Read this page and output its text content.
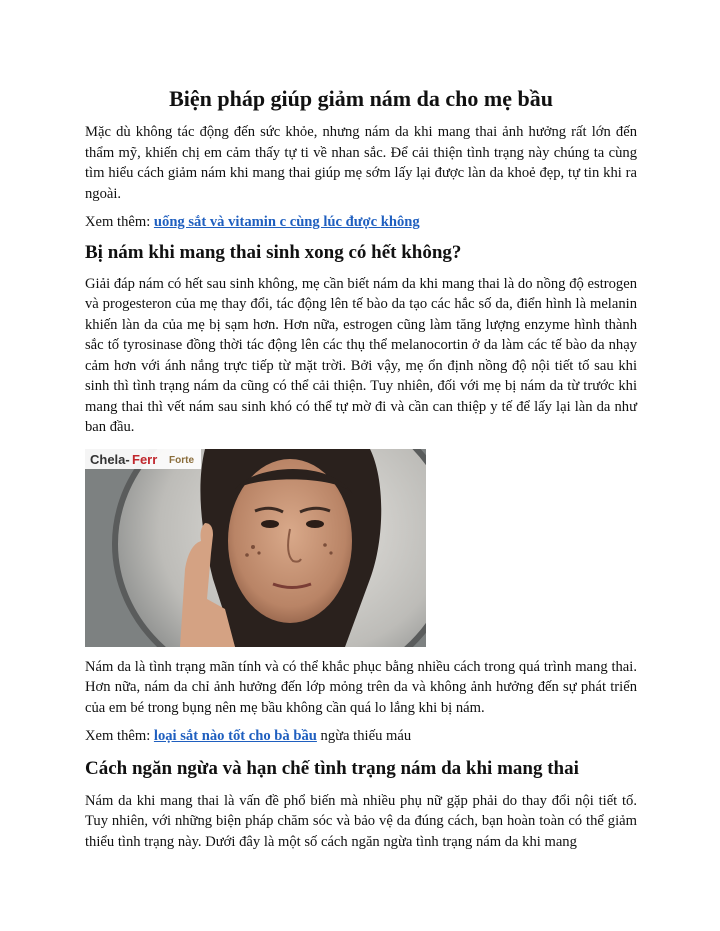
Biện pháp giúp giảm nám da cho mẹ bầu

Mặc dù không tác động đến sức khỏe, nhưng nám da khi mang thai ảnh hưởng rất lớn đến thẩm mỹ, khiến chị em cảm thấy tự ti về nhan sắc. Để cải thiện tình trạng này chúng ta cùng tìm hiểu cách giảm nám khi mang thai giúp mẹ sớm lấy lại được làn da khoẻ đẹp, tự tin khi ra ngoài.

Xem thêm: uống sắt và vitamin c cùng lúc được không

Bị nám khi mang thai sinh xong có hết không?

Giải đáp nám có hết sau sinh không, mẹ cần biết nám da khi mang thai là do nồng độ estrogen và progesteron của mẹ thay đổi, tác động lên tế bào da tạo các hắc số da, điển hình là melanin khiến làn da của mẹ bị sạm hơn. Hơn nữa, estrogen cũng làm tăng lượng enzyme hình thành sắc tố tyrosinase đồng thời tác động lên các thụ thể melanocortin ở da làm các tế bào da nhạy cảm hơn với ánh nắng trực tiếp từ mặt trời. Bởi vậy, mẹ ổn định nồng độ nội tiết tố sau khi sinh thì tình trạng nám da cũng có thể cải thiện. Tuy nhiên, đối với mẹ bị nám da từ trước khi mang thai thì vết nám sau sinh khó có thể tự mờ đi và cần can thiệp y tế để lấy lại làn da như ban đầu.

Chela- Ferr Forte

Nám da là tình trạng mãn tính và có thể khắc phục bằng nhiều cách trong quá trình mang thai. Hơn nữa, nám da chỉ ảnh hưởng đến lớp mỏng trên da và không ảnh hưởng đến sự phát triển của em bé trong bụng nên mẹ bầu không cần quá lo lắng khi bị nám.

Xem thêm: loại sắt nào tốt cho bà bầu ngừa thiếu máu

Cách ngăn ngừa và hạn chế tình trạng nám da khi mang thai

Nám da khi mang thai là vấn đề phổ biến mà nhiều phụ nữ gặp phải do thay đổi nội tiết tố. Tuy nhiên, với những biện pháp chăm sóc và bảo vệ da đúng cách, bạn hoàn toàn có thể giảm thiểu tình trạng này. Dưới đây là một số cách ngăn ngừa tình trạng nám da khi mang
